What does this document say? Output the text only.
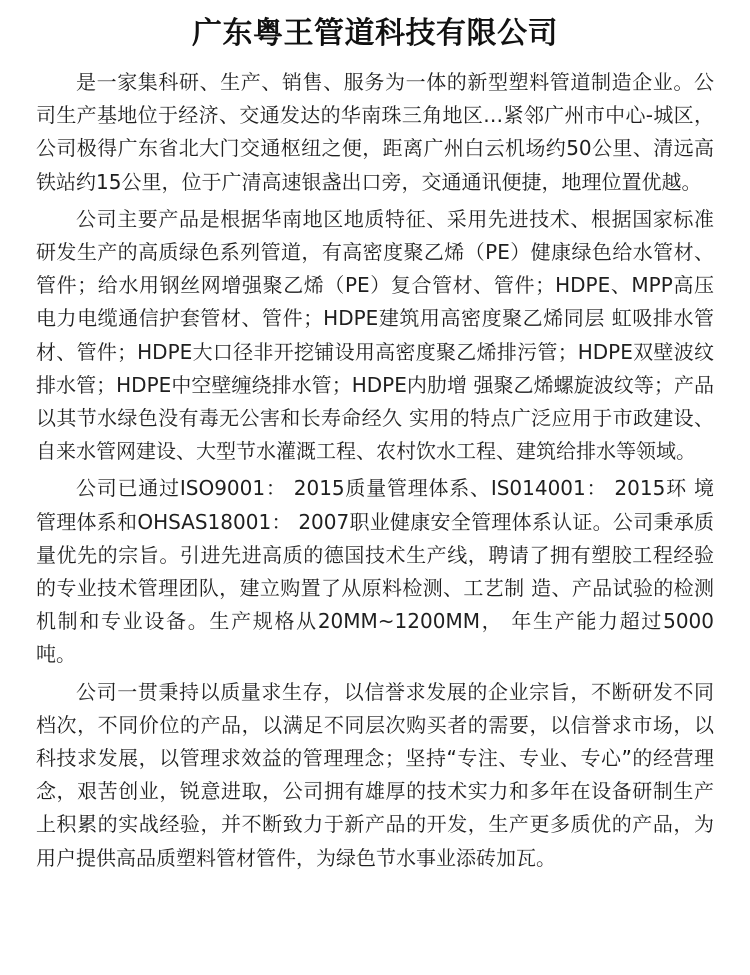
广东粤王管道科技有限公司

是一家集科研、生产、销售、服务为一体的新型塑料管道制造企业。公司生产基地位于经济、交通发达的华南珠三角地区…紧邻广州市中心-城区，公司极得广东省北大门交通枢纽之便，距离广州白云机场约50公里、清远高铁站约15公里，位于广清高速银盏出口旁，交通通讯便捷，地理位置优越。

公司主要产品是根据华南地区地质特征、采用先进技术、根据国家标准研发生产的高质绿色系列管道，有高密度聚乙烯（PE）健康绿色给水管材、 管件；给水用钢丝网增强聚乙烯（PE）复合管材、管件；HDPE、MPP高压电力电缆通信护套管材、管件；HDPE建筑用高密度聚乙烯同层 虹吸排水管材、管件；HDPE大口径非开挖铺设用高密度聚乙烯排污管；HDPE双壁波纹排水管；HDPE中空壁缠绕排水管；HDPE内肋增 强聚乙烯螺旋波纹等；产品以其节水绿色没有毒无公害和长寿命经久 实用的特点广泛应用于市政建设、自来水管网建设、大型节水灌溉工程、农村饮水工程、建筑给排水等领域。

公司已通过ISO9001： 2015质量管理体系、IS014001： 2015环 境管理体系和OHSAS18001： 2007职业健康安全管理体系认证。公司秉承质量优先的宗旨。引进先进高质的德国技术生产线，聘请了拥有塑胶工程经验的专业技术管理团队，建立购置了从原料检测、工艺制 造、产品试验的检测机制和专业设备。生产规格从20MM~1200MM， 年生产能力超过5000吨。

公司一贯秉持以质量求生存，以信誉求发展的企业宗旨，不断研发不同档次，不同价位的产品，以满足不同层次购买者的需要，以信誉求市场，以科技求发展，以管理求效益的管理理念；坚持“专注、专业、专心”的经营理念，艰苦创业，锐意进取，公司拥有雄厚的技术实力和多年在设备研制生产上积累的实战经验，并不断致力于新产品的开发，生产更多质优的产品，为用户提供高品质塑料管材管件，为绿色节水事业添砖加瓦。
